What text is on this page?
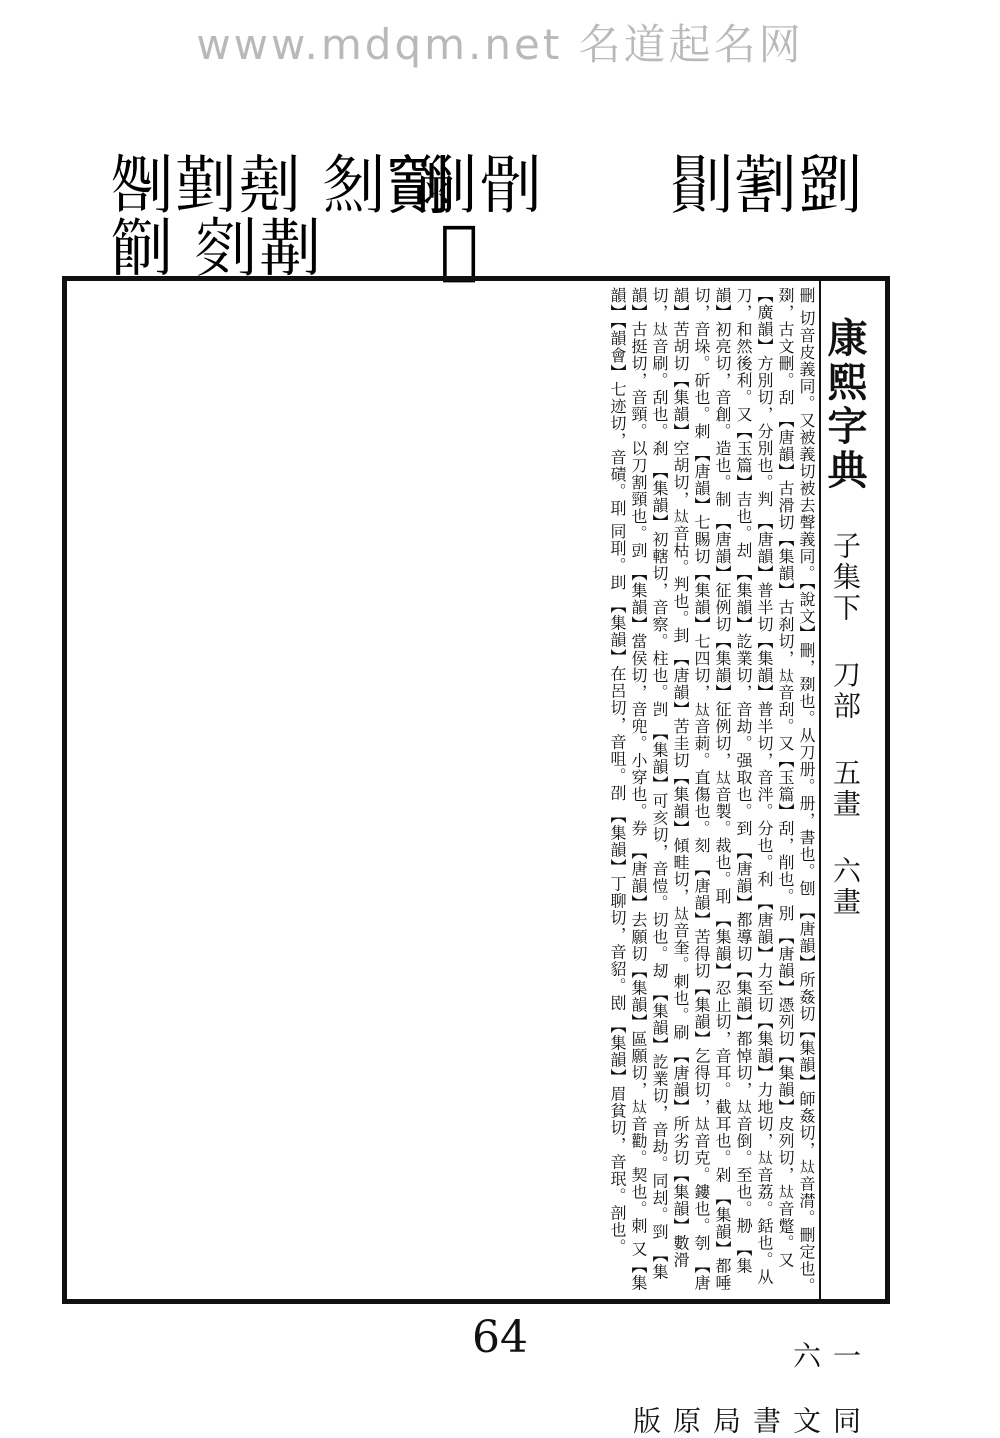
www.mdqm.net 名道起名网
𠝪𠞱𠟋 𠞎𠠖
𠞤𠞡 𠟻𠟽𠠇
𠠑 𠝠𠞣 𠝍

刪 切音皮義同。又被義切被去聲義同。【說文】刪，剟也。从刀册。册，書也。刨 【唐韻】所姦切【集韻】師姦切，𡘋音潸。刪定也。剟，古文刪。刮 【唐韻】古滑切【集韻】古刹切，𡘋音刮。又【玉篇】刮，削也。別 【唐韻】憑列切【集韻】皮列切，𡘋音蹩。又【廣韻】方別切，分別也。判 【唐韻】普半切【集韻】普半切，音泮。分也。利 【唐韻】力至切【集韻】力地切，𡘋音荔。銛也。从刀，和然後利。又【玉篇】吉也。刦 【集韻】訖業切，音劫。强取也。到 【唐韻】都導切【集韻】都悼切，𡘋音倒。至也。刱 【集韻】初亮切，音創。造也。制 【唐韻】征例切【集韻】征例切，𡘋音製。裁也。刵 【集韻】忍止切，音耳。截耳也。剁 【集韻】都唾切，音垛。斫也。刺 【唐韻】七賜切【集韻】七四切，𡘋音莿。直傷也。刻 【唐韻】苦得切【集韻】乞得切，𡘋音克。鏤也。刳 【唐韻】苦胡切【集韻】空胡切，𡘋音枯。判也。刲 【唐韻】苦圭切【集韻】傾畦切，𡘋音奎。刺也。刷 【唐韻】所劣切【集韻】數滑切，𡘋音刷。刮也。刹 【集韻】初轄切，音察。柱也。剀 【集韻】可亥切，音愷。切也。刼 【集韻】訖業切，音劫。同刦。剄 【集韻】古挺切，音頸。以刀割頸也。剅 【集韻】當侯切，音兜。小穿也。券 【唐韻】去願切【集韻】區願切，𡘋音勸。契也。刺 又【集韻】【韻會】七迹切，音磧。刵 同刵。刞 【集韻】在呂切，音咀。刟 【集韻】丁聊切，音貂。刡 【集韻】眉貧切，音珉。剖也。	康熙字典
子集下 刀部 五畫 六畫
一六
同文書局原版
64
